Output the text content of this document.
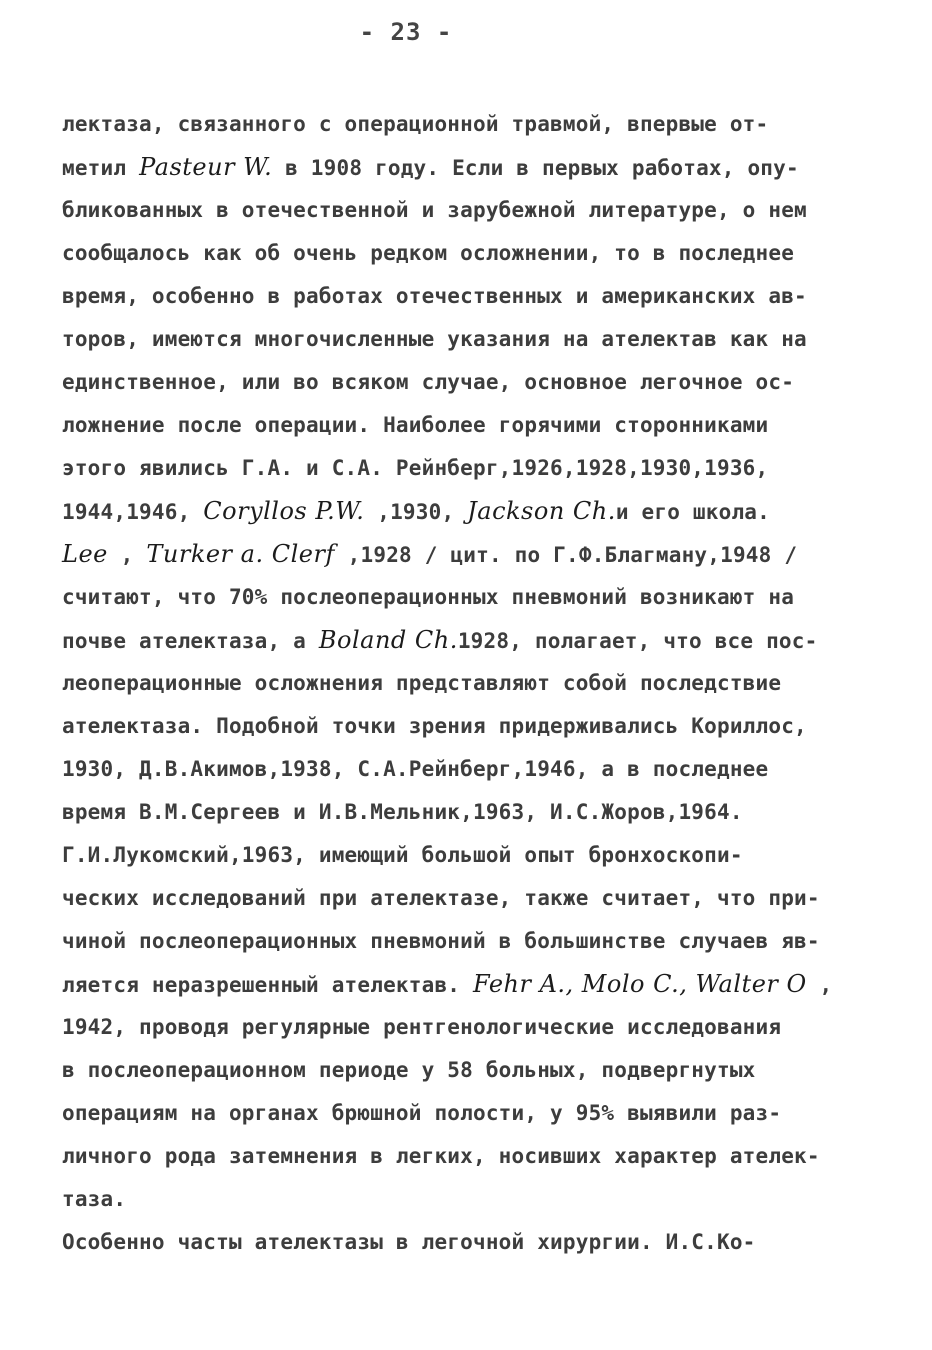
- 23 -
лектаза, связанного с операционной травмой, впервые от-
метил Pasteur W. в 1908 году. Если в первых работах, опу-
бликованных в отечественной и зарубежной литературе, о нем
сообщалось как об очень редком осложнении, то в последнее
время, особенно в работах отечественных и американских ав-
торов, имеются многочисленные указания на ателектав как на
единственное, или во всяком случае, основное легочное ос-
ложнение после операции. Наиболее горячими сторонниками
этого явились Г.А. и С.А. Рейнберг,1926,1928,1930,1936,
1944,1946, Coryllos P.W. ,1930, Jackson Ch.и его школа.
Lee , Turker a. Clerf ,1928 / цит. по Г.Ф.Благману,1948 /
считают, что 70% послеоперационных пневмоний возникают на
почве ателектаза, а Boland Ch.1928, полагает, что все пос-
леоперационные осложнения представляют собой последствие
ателектаза. Подобной точки зрения придерживались Кориллос,
1930, Д.В.Акимов,1938, С.А.Рейнберг,1946, а в последнее
время В.М.Сергеев и И.В.Мельник,1963, И.С.Жоров,1964.
Г.И.Лукомский,1963, имеющий большой опыт бронхоскопи-
ческих исследований при ателектазе, также считает, что при-
чиной послеоперационных пневмоний в большинстве случаев яв-
ляется неразрешенный ателектав. Fehr A., Molo C., Walter O ,
1942, проводя регулярные рентгенологические исследования
в послеоперационном периоде у 58 больных, подвергнутых
операциям на органах брюшной полости, у 95% выявили раз-
личного рода затемнения в легких, носивших характер ателек-
таза.
Особенно часты ателектазы в легочной хирургии. И.С.Ко-
